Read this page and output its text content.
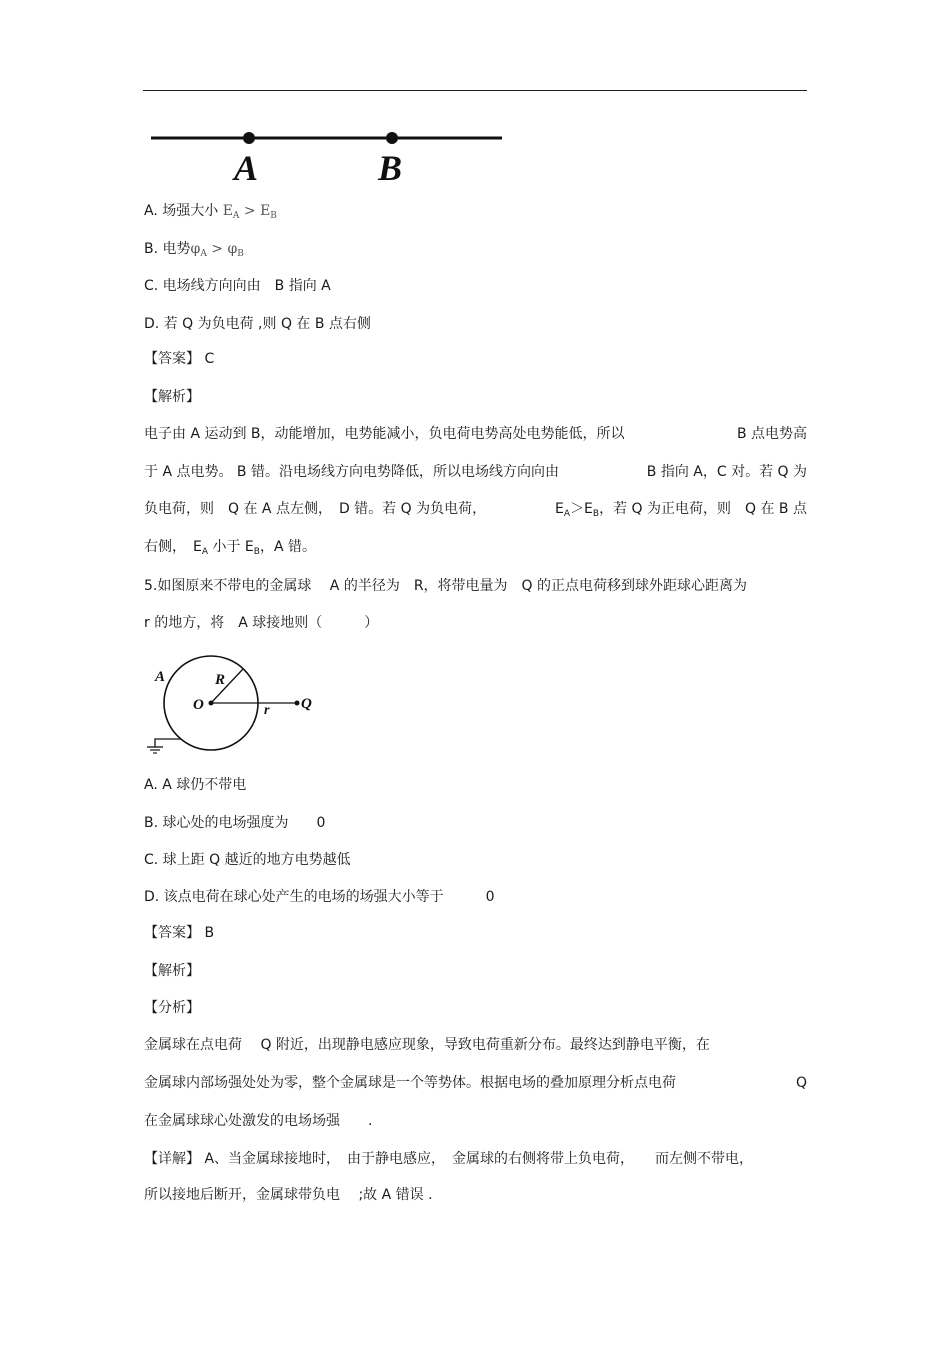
A	B
A. 场强大小 $E_A > E_B$
B. 电势$\varphi_A > \varphi_B$
C. 电场线方向向由　B 指向 A
D. 若 Q 为负电荷 ,则 Q 在 B 点右侧
【答案】 C
【解析】
电子由 A 运动到 B，动能增加，电势能减小，负电荷电势高处电势能低，所以	B 点电势高
于 A 点电势。 B 错。沿电场线方向电势降低，所以电场线方向向由	B 指向 A，C 对。若 Q 为
负电荷，则　Q 在 A 点左侧，　D 错。若 Q 为负电荷，	$E_A>E_B$，若 Q 为正电荷，则　Q 在 B 点
右侧，　$E_A$ 小于 $E_B$，A 错。
5.如图原来不带电的金属球　 A 的半径为　R，将带电量为　Q 的正点电荷移到球外距球心距离为
r 的地方，将　A 球接地则（　　　）
A	R
O	r Q
A. A 球仍不带电
B. 球心处的电场强度为　　0
C. 球上距 Q 越近的地方电势越低
D. 该点电荷在球心处产生的电场的场强大小等于　　　0
【答案】 B
【解析】
【分析】
金属球在点电荷　 Q 附近，出现静电感应现象，导致电荷重新分布。最终达到静电平衡，在
金属球内部场强处处为零，整个金属球是一个等势体。根据电场的叠加原理分析点电荷	Q
在金属球球心处激发的电场场强　　.
【详解】 A、当金属球接地时，　由于静电感应，　金属球的右侧将带上负电荷，　　而左侧不带电，
所以接地后断开，金属球带负电　 ;故 A 错误 .
